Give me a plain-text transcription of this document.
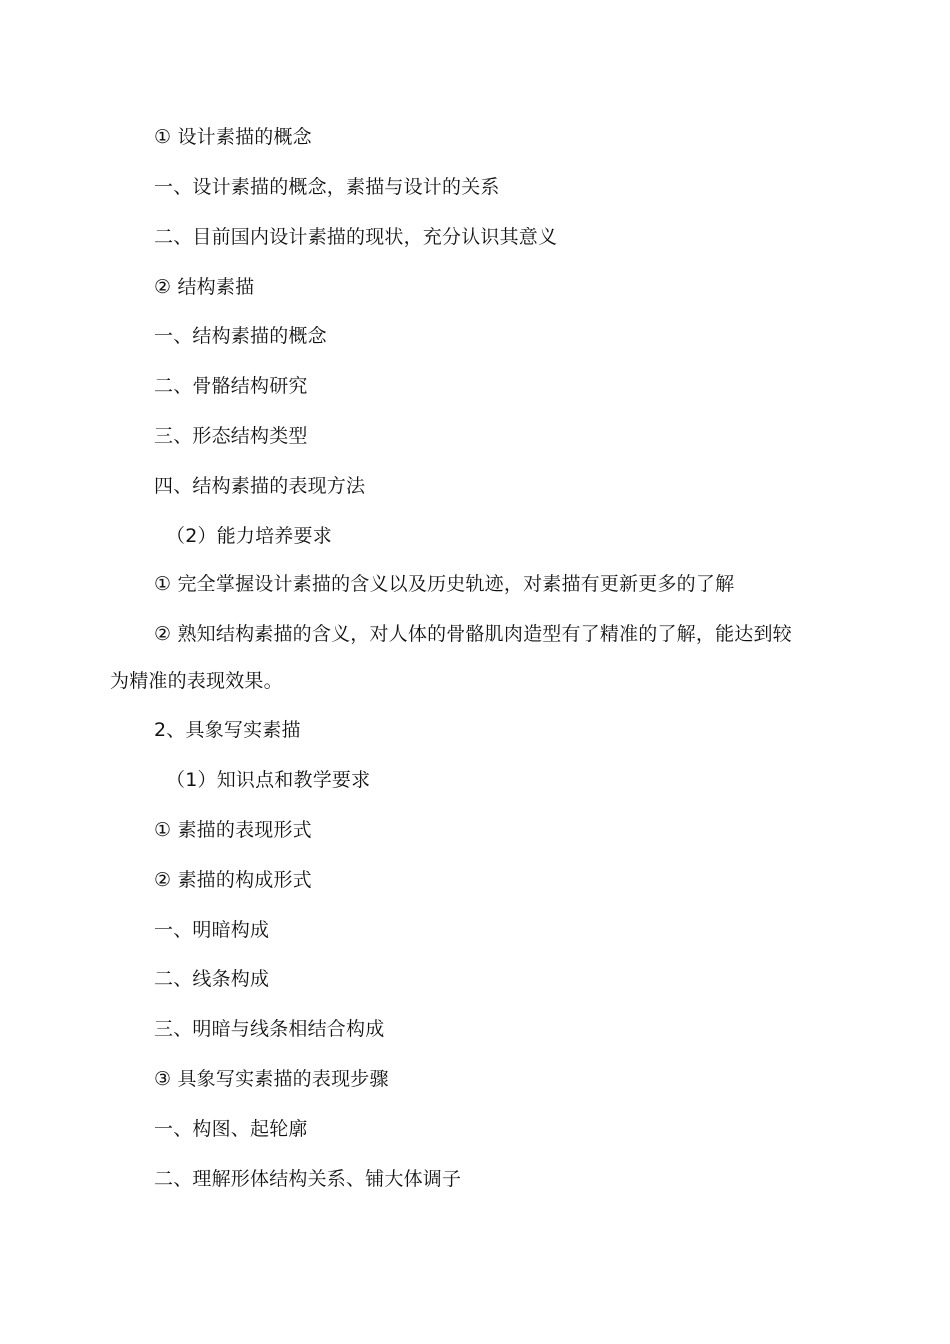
① 设计素描的概念
一、设计素描的概念，素描与设计的关系
二、目前国内设计素描的现状，充分认识其意义
② 结构素描
一、结构素描的概念
二、骨骼结构研究
三、形态结构类型
四、结构素描的表现方法
（2）能力培养要求
① 完全掌握设计素描的含义以及历史轨迹，对素描有更新更多的了解
② 熟知结构素描的含义，对人体的骨骼肌肉造型有了精准的了解，能达到较
为精准的表现效果。
2、具象写实素描
（1）知识点和教学要求
① 素描的表现形式
② 素描的构成形式
一、明暗构成
二、线条构成
三、明暗与线条相结合构成
③ 具象写实素描的表现步骤
一、构图、起轮廓
二、理解形体结构关系、铺大体调子
